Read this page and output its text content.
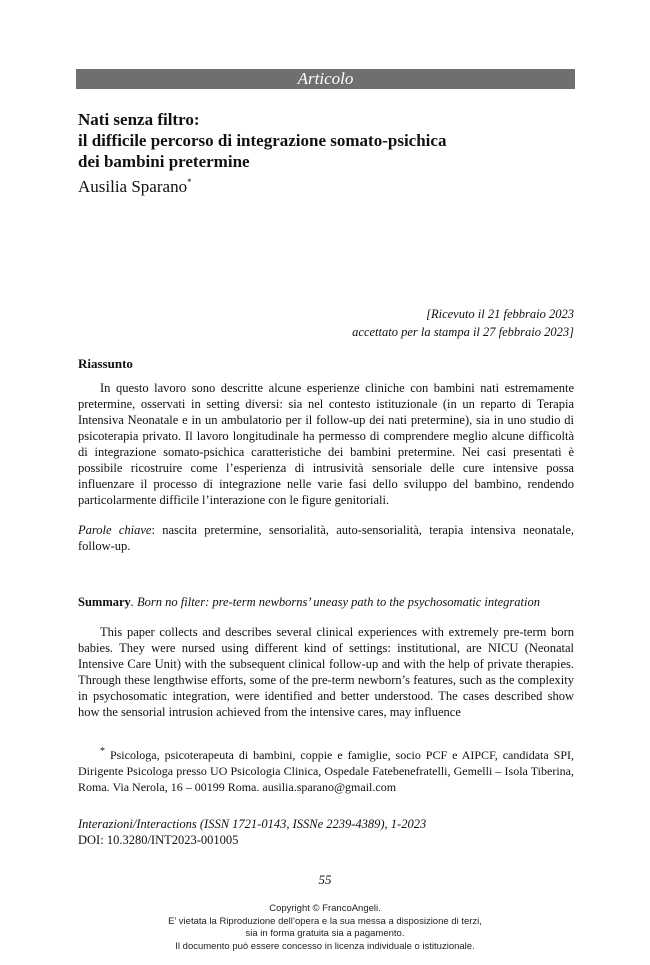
Articolo
Nati senza filtro:
il difficile percorso di integrazione somato-psichica
dei bambini pretermine
Ausilia Sparano*
[Ricevuto il 21 febbraio 2023
accettato per la stampa il 27 febbraio 2023]
Riassunto
In questo lavoro sono descritte alcune esperienze cliniche con bambini nati estremamente pretermine, osservati in setting diversi: sia nel contesto istituzionale (in un reparto di Terapia Intensiva Neonatale e in un ambulatorio per il follow-up dei nati pretermine), sia in uno studio di psicoterapia privato. Il lavoro longitudinale ha permesso di comprendere meglio alcune difficoltà di integrazione somato-psichica caratteristiche dei bambini pretermine. Nei casi presentati è possibile ricostruire come l’esperienza di intrusività sensoriale delle cure intensive possa influenzare il processo di integrazione nelle varie fasi dello sviluppo del bambino, rendendo particolarmente difficile l’interazione con le figure genitoriali.
Parole chiave: nascita pretermine, sensorialità, auto-sensorialità, terapia intensiva neonatale, follow-up.
Summary. Born no filter: pre-term newborns’ uneasy path to the psychosomatic integration
This paper collects and describes several clinical experiences with extremely pre-term born babies. They were nursed using different kind of settings: institutional, are NICU (Neonatal Intensive Care Unit) with the subsequent clinical follow-up and with the help of private therapies. Through these lengthwise efforts, some of the pre-term newborn’s features, such as the complexity in psychosomatic integration, were identified and better understood. The cases described show how the sensorial intrusion achieved from the intensive cares, may influence
* Psicologa, psicoterapeuta di bambini, coppie e famiglie, socio PCF e AIPCF, candidata SPI, Dirigente Psicologa presso UO Psicologia Clinica, Ospedale Fatebenefratelli, Gemelli – Isola Tiberina, Roma. Via Nerola, 16 – 00199 Roma. ausilia.sparano@gmail.com
Interazioni/Interactions (ISSN 1721-0143, ISSNe 2239-4389), 1-2023
DOI: 10.3280/INT2023-001005
55
Copyright © FrancoAngeli.
E’ vietata la Riproduzione dell’opera e la sua messa a disposizione di terzi,
sia in forma gratuita sia a pagamento.
Il documento può essere concesso in licenza individuale o istituzionale.
